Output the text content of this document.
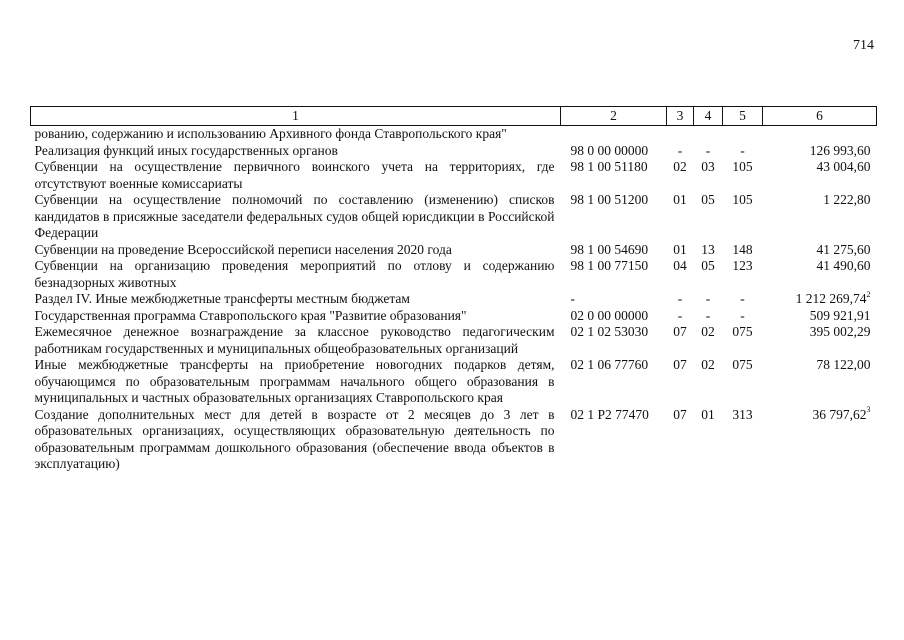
714
1	2	3	4	5	6
рованию, содержанию и использованию Архивного фонда Ставропольского края"					
Реализация функций иных государственных органов	98 0 00 00000	-	-	-	126 993,60
Субвенции на осуществление первичного воинского учета на территориях, где отсутствуют военные комиссариаты	98 1 00 51180	02	03	105	43 004,60
Субвенции на осуществление полномочий по составлению (изменению) списков кандидатов в присяжные заседатели федеральных судов общей юрисдикции в Российской Федерации	98 1 00 51200	01	05	105	1 222,80
Субвенции на проведение Всероссийской переписи населения 2020 года	98 1 00 54690	01	13	148	41 275,60
Субвенции на организацию проведения мероприятий по отлову и содержанию безнадзорных животных	98 1 00 77150	04	05	123	41 490,60
Раздел IV. Иные межбюджетные трансферты местным бюджетам	-	-	-	-	1 212 269,74$^2$
Государственная программа Ставропольского края "Развитие образования"	02 0 00 00000	-	-	-	509 921,91
Ежемесячное денежное вознаграждение за классное руководство педагогическим работникам государственных и муниципальных общеобразовательных организаций	02 1 02 53030	07	02	075	395 002,29
Иные межбюджетные трансферты на приобретение новогодних подарков детям, обучающимся по образовательным программам начального общего образования в муниципальных и частных образовательных организациях Ставропольского края	02 1 06 77760	07	02	075	78 122,00
Создание дополнительных мест для детей в возрасте от 2 месяцев до 3 лет в образовательных организациях, осуществляющих образовательную деятельность по образовательным программам дошкольного образования (обеспечение ввода объектов в эксплуатацию)	02 1 P2 77470	07	01	313	36 797,62$^3$
